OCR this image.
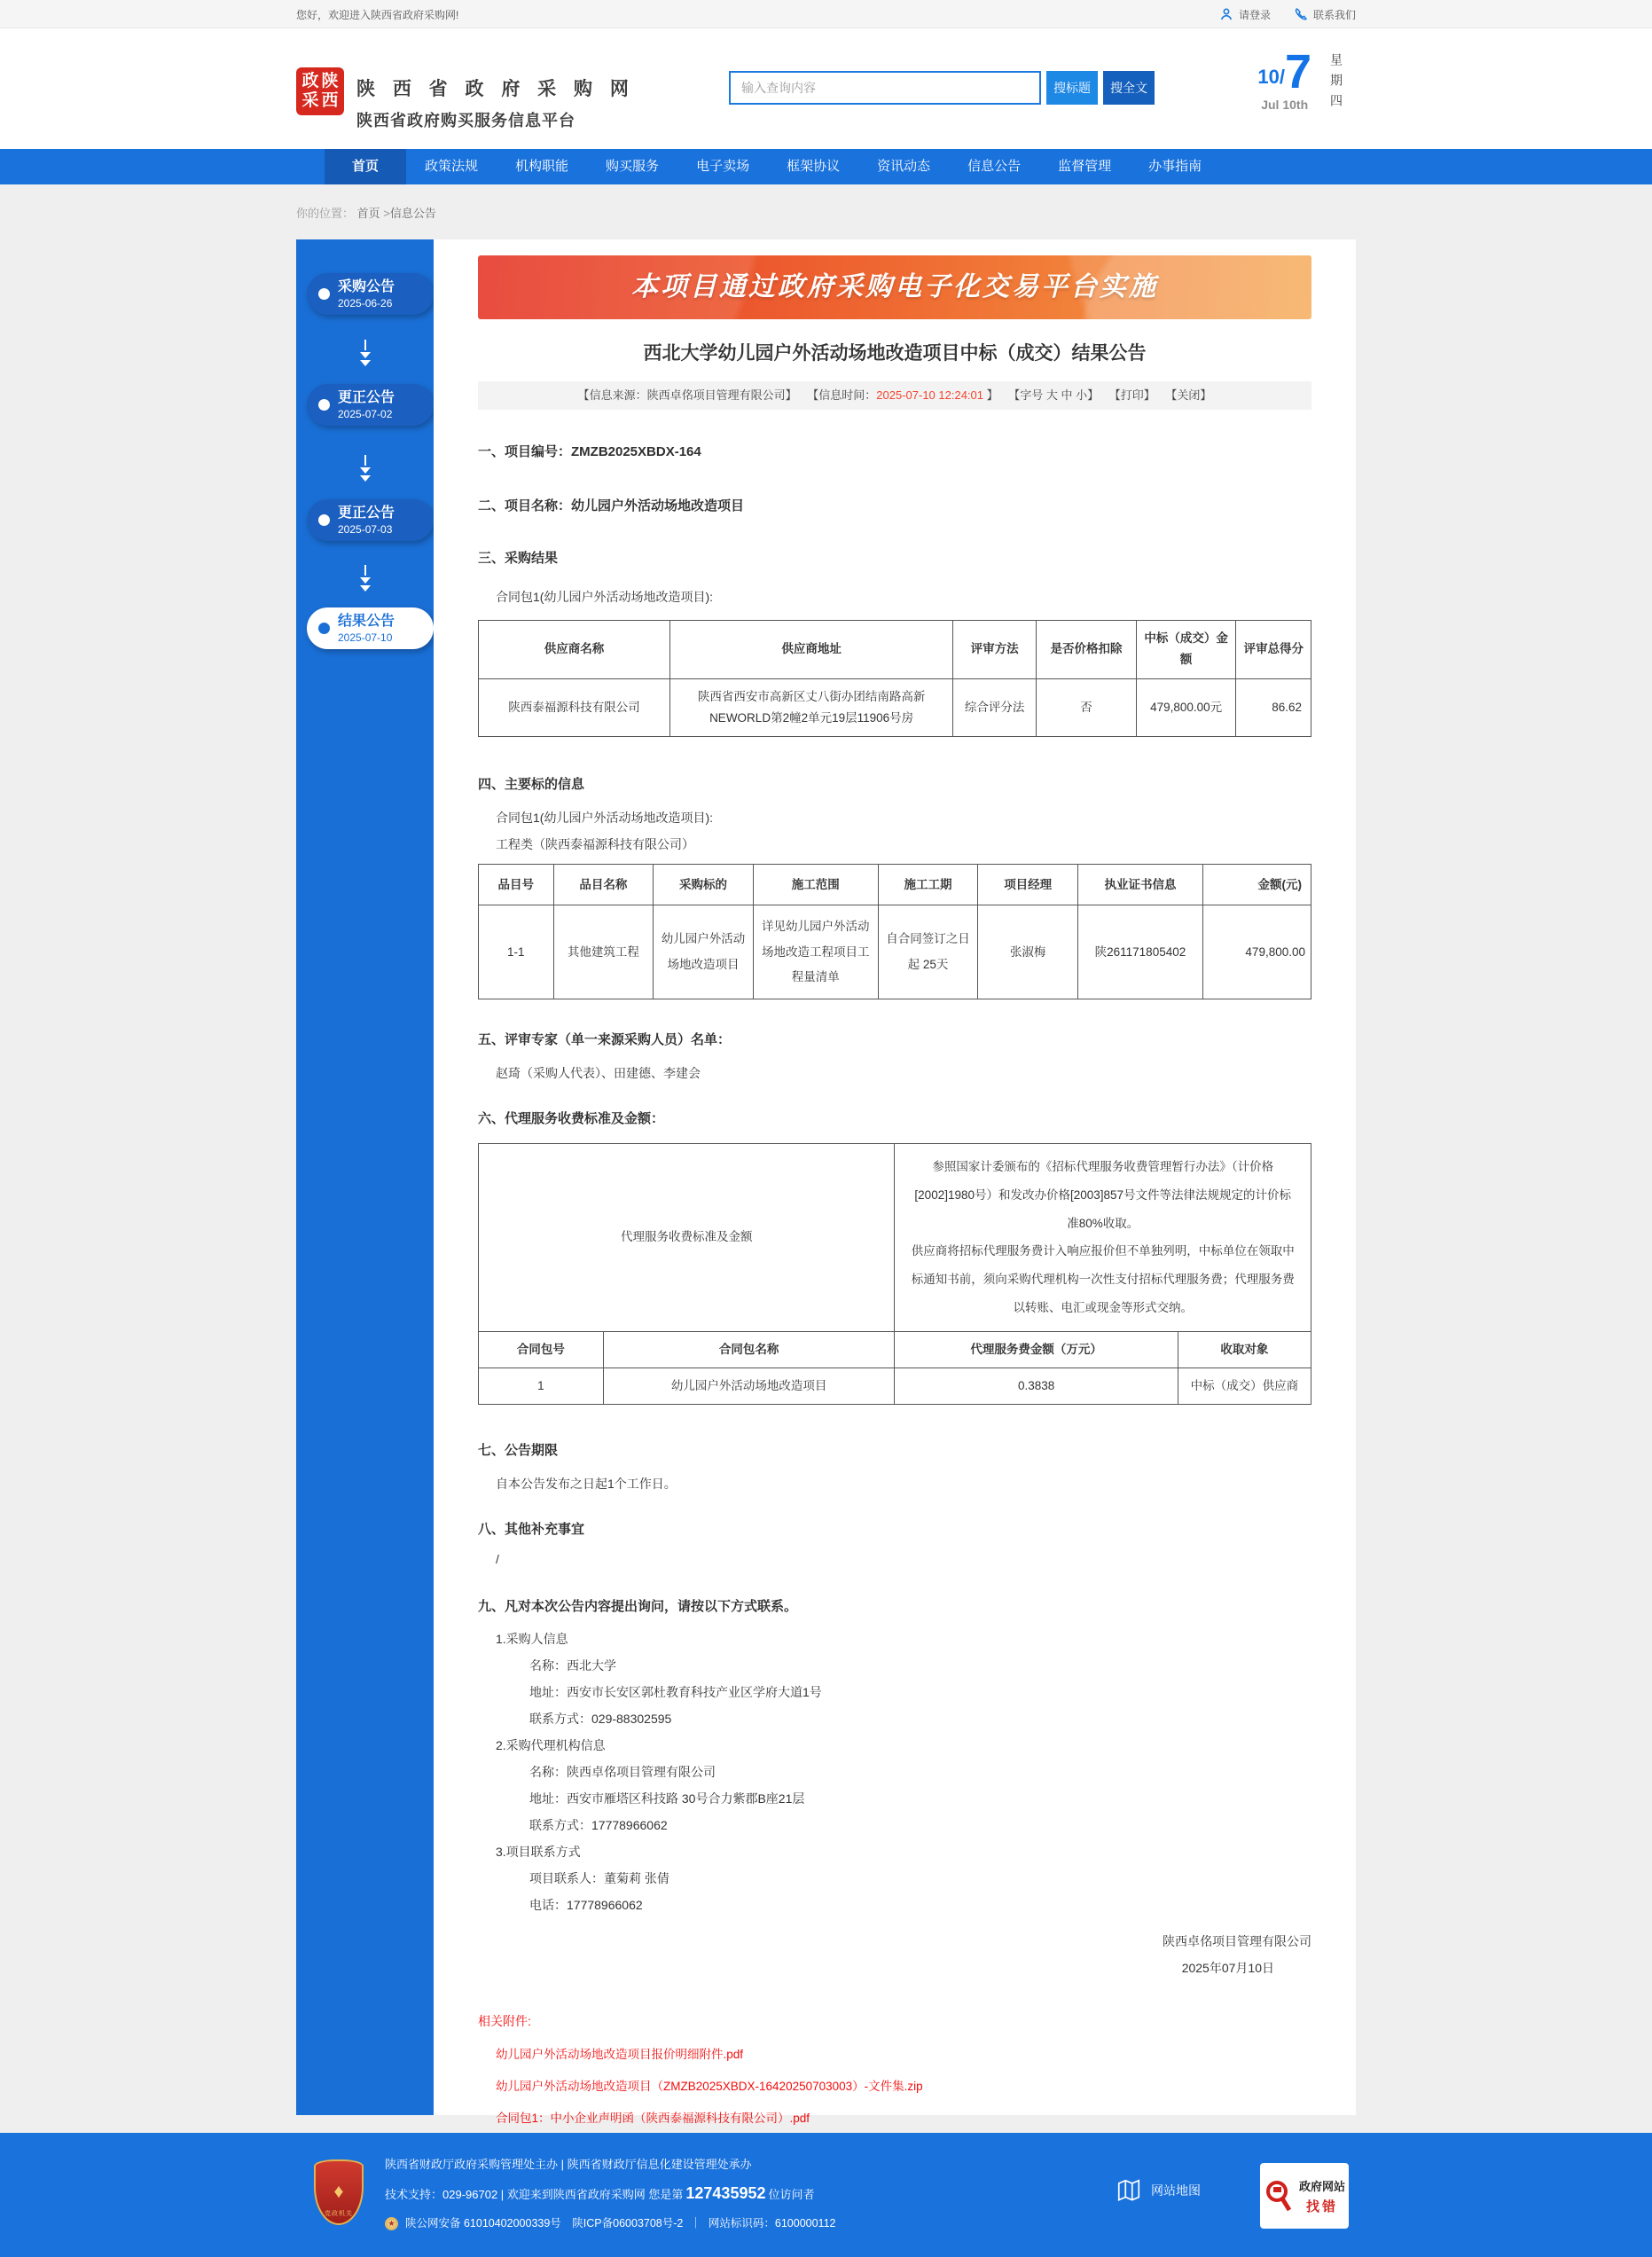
您好，欢迎进入陕西省政府采购网!	请登录	联系我们
政 陕
采 西
陕 西 省 政 府 采 购 网
陕西省政府购买服务信息平台
输入查询内容
搜标题	搜全文	10/ 7
Jul 10th 星期四
首页	政策法规	机构职能	购买服务	电子卖场	框架协议	资讯动态	信息公告	监督管理	办事指南
你的位置： 首页 >信息公告
采购公告
2025-06-26
更正公告
2025-07-02
更正公告
2025-07-03
结果公告
2025-07-10
本项目通过政府采购电子化交易平台实施
西北大学幼儿园户外活动场地改造项目中标（成交）结果公告
【信息来源：陕西卓佲项目管理有限公司】 【信息时间：2025-07-10 12:24:01 】 【字号 大 中 小】 【打印】 【关闭】
一、项目编号：ZMZB2025XBDX-164
二、项目名称：幼儿园户外活动场地改造项目
三、采购结果
合同包1(幼儿园户外活动场地改造项目):
供应商名称	供应商地址	评审方法	是否价格扣除	中标（成交）金额	评审总得分
陕西泰福源科技有限公司	陕西省西安市高新区丈八街办团结南路高新NEWORLD第2幢2单元19层11906号房	综合评分法	否	479,800.00元	86.62
四、主要标的信息
合同包1(幼儿园户外活动场地改造项目):
工程类（陕西泰福源科技有限公司）
品目号	品目名称	采购标的	施工范围	施工工期	项目经理	执业证书信息	金额(元)
1-1	其他建筑工程	幼儿园户外活动场地改造项目	详见幼儿园户外活动场地改造工程项目工程量清单	自合同签订之日起 25天	张淑梅	陕261171805402	479,800.00
五、评审专家（单一来源采购人员）名单：
赵琦（采购人代表）、田建德、李建会
六、代理服务收费标准及金额：
代理服务收费标准及金额		参照国家计委颁布的《招标代理服务收费管理暂行办法》（计价格[2002]1980号）和发改办价格[2003]857号文件等法律法规规定的计价标准80%收取。

供应商将招标代理服务费计入响应报价但不单独列明，中标单位在领取中标通知书前，须向采购代理机构一次性支付招标代理服务费；代理服务费以转账、电汇或现金等形式交纳。	

合同包号	合同包名称	代理服务费金额（万元）	收取对象
1	幼儿园户外活动场地改造项目	0.3838	中标（成交）供应商
七、公告期限
自本公告发布之日起1个工作日。
八、其他补充事宜
/
九、凡对本次公告内容提出询问，请按以下方式联系。

1.采购人信息

名称：西北大学

地址：西安市长安区郭杜教育科技产业区学府大道1号

联系方式：029-88302595

2.采购代理机构信息

名称：陕西卓佲项目管理有限公司

地址：西安市雁塔区科技路 30号合力紫郡B座21层

联系方式：17778966062

3.项目联系方式

项目联系人：董菊莉 张倩

电话：17778966062

陕西卓佲项目管理有限公司
2025年07月10日
相关附件:
幼儿园户外活动场地改造项目报价明细附件.pdf
幼儿园户外活动场地改造项目（ZMZB2025XBDX-16420250703003）-文件集.zip
合同包1：中小企业声明函（陕西泰福源科技有限公司）.pdf
♦
党政机关
陕西省财政厅政府采购管理处主办 | 陕西省财政厅信息化建设管理处承办
技术支持：029-96702 | 欢迎来到陕西省政府采购网 您是第 127435952 位访问者
★ 陕公网安备 61010402000339号　陕ICP备06003708号-2 ｜ 网站标识码：6100000112
网站地图	政府网站
找错
